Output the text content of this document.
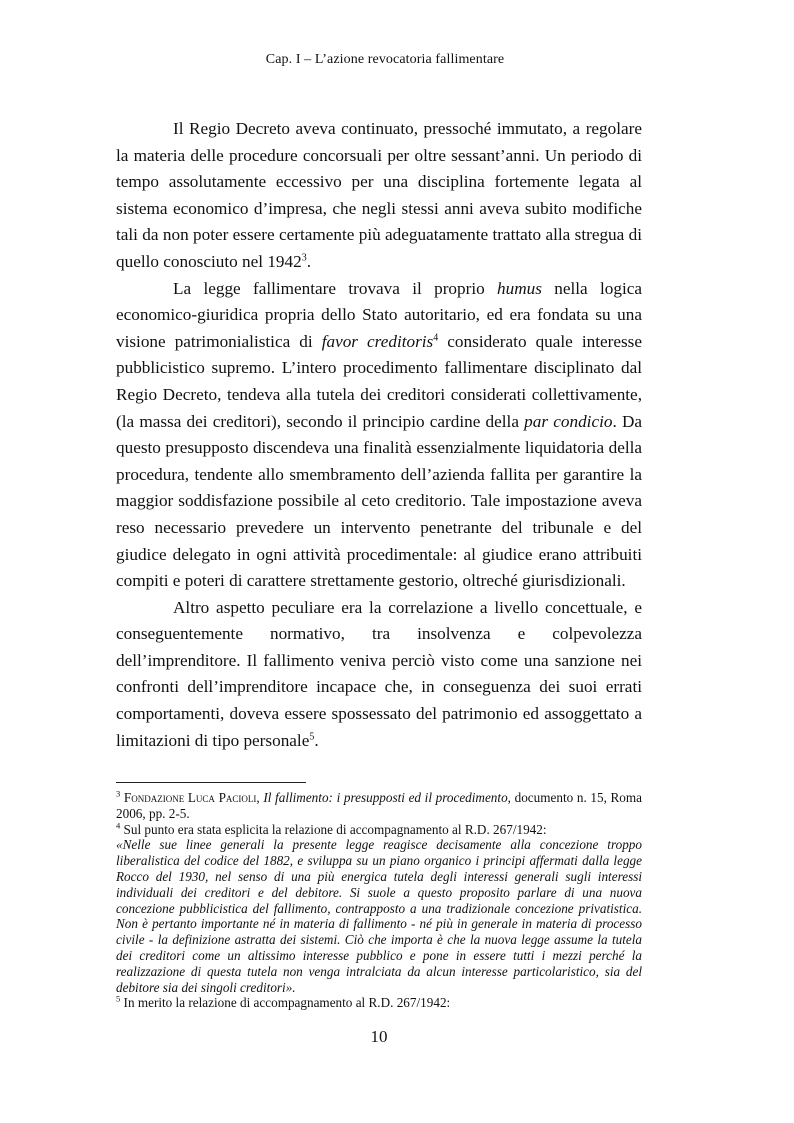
Cap. I – L’azione revocatoria fallimentare

Il Regio Decreto aveva continuato, pressoché immutato, a regolare la materia delle procedure concorsuali per oltre sessant’anni. Un periodo di tempo assolutamente eccessivo per una disciplina fortemente legata al sistema economico d’impresa, che negli stessi anni aveva subito modifiche tali da non poter essere certamente più adeguatamente trattato alla stregua di quello conosciuto nel 1942$^3$.

La legge fallimentare trovava il proprio humus nella logica economico-giuridica propria dello Stato autoritario, ed era fondata su una visione patrimonialistica di favor creditoris$^4$ considerato quale interesse pubblicistico supremo. L’intero procedimento fallimentare disciplinato dal Regio Decreto, tendeva alla tutela dei creditori considerati collettivamente, (la massa dei creditori), secondo il principio cardine della par condicio. Da questo presupposto discendeva una finalità essenzialmente liquidatoria della procedura, tendente allo smembramento dell’azienda fallita per garantire la maggior soddisfazione possibile al ceto creditorio. Tale impostazione aveva reso necessario prevedere un intervento penetrante del tribunale e del giudice delegato in ogni attività procedimentale: al giudice erano attribuiti compiti e poteri di carattere strettamente gestorio, oltreché giurisdizionali.

Altro aspetto peculiare era la correlazione a livello concettuale, e conseguentemente normativo, tra insolvenza e colpevolezza dell’imprenditore. Il fallimento veniva perciò visto come una sanzione nei confronti dell’imprenditore incapace che, in conseguenza dei suoi errati comportamenti, doveva essere spossessato del patrimonio ed assoggettato a limitazioni di tipo personale$^5$.

$^3$ Fondazione Luca Pacioli, Il fallimento: i presupposti ed il procedimento, documento n. 15, Roma 2006, pp. 2-5.

$^4$ Sul punto era stata esplicita la relazione di accompagnamento al R.D. 267/1942:

«Nelle sue linee generali la presente legge reagisce decisamente alla concezione troppo liberalistica del codice del 1882, e sviluppa su un piano organico i principi affermati dalla legge Rocco del 1930, nel senso di una più energica tutela degli interessi generali sugli interessi individuali dei creditori e del debitore. Si suole a questo proposito parlare di una nuova concezione pubblicistica del fallimento, contrapposto a una tradizionale concezione privatistica. Non è pertanto importante né in materia di fallimento - né più in generale in materia di processo civile - la definizione astratta dei sistemi. Ciò che importa è che la nuova legge assume la tutela dei creditori come un altissimo interesse pubblico e pone in essere tutti i mezzi perché la realizzazione di questa tutela non venga intralciata da alcun interesse particolaristico, sia del debitore sia dei singoli creditori».

$^5$ In merito la relazione di accompagnamento al R.D. 267/1942:

10
